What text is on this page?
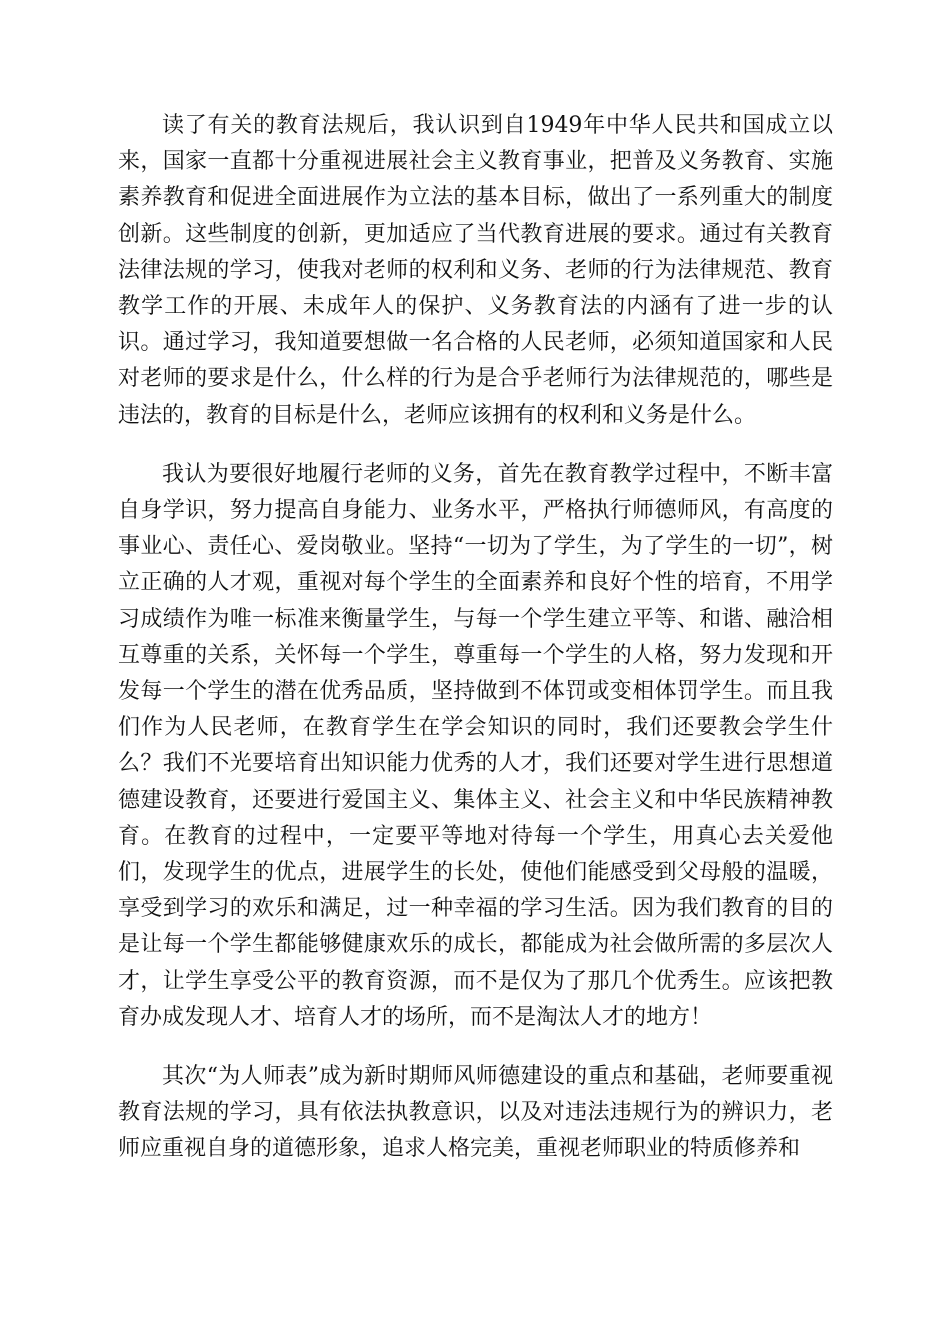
读了有关的教育法规后，我认识到自1949年中华人民共和国成立以来，国家一直都十分重视进展社会主义教育事业，把普及义务教育、实施素养教育和促进全面进展作为立法的基本目标，做出了一系列重大的制度创新。这些制度的创新，更加适应了当代教育进展的要求。通过有关教育法律法规的学习，使我对老师的权利和义务、老师的行为法律规范、教育教学工作的开展、未成年人的保护、义务教育法的内涵有了进一步的认识。通过学习，我知道要想做一名合格的人民老师，必须知道国家和人民对老师的要求是什么，什么样的行为是合乎老师行为法律规范的，哪些是违法的，教育的目标是什么，老师应该拥有的权利和义务是什么。

我认为要很好地履行老师的义务，首先在教育教学过程中，不断丰富自身学识，努力提高自身能力、业务水平，严格执行师德师风，有高度的事业心、责任心、爱岗敬业。坚持“一切为了学生，为了学生的一切”，树立正确的人才观，重视对每个学生的全面素养和良好个性的培育，不用学习成绩作为唯一标准来衡量学生，与每一个学生建立平等、和谐、融洽相互尊重的关系，关怀每一个学生，尊重每一个学生的人格，努力发现和开发每一个学生的潜在优秀品质，坚持做到不体罚或变相体罚学生。而且我们作为人民老师，在教育学生在学会知识的同时，我们还要教会学生什么？我们不光要培育出知识能力优秀的人才，我们还要对学生进行思想道德建设教育，还要进行爱国主义、集体主义、社会主义和中华民族精神教育。在教育的过程中，一定要平等地对待每一个学生，用真心去关爱他们，发现学生的优点，进展学生的长处，使他们能感受到父母般的温暖，享受到学习的欢乐和满足，过一种幸福的学习生活。因为我们教育的目的是让每一个学生都能够健康欢乐的成长，都能成为社会做所需的多层次人才，让学生享受公平的教育资源，而不是仅为了那几个优秀生。应该把教育办成发现人才、培育人才的场所，而不是淘汰人才的地方！

其次“为人师表”成为新时期师风师德建设的重点和基础，老师要重视教育法规的学习，具有依法执教意识，以及对违法违规行为的辨识力，老师应重视自身的道德形象，追求人格完美，重视老师职业的特质修养和
